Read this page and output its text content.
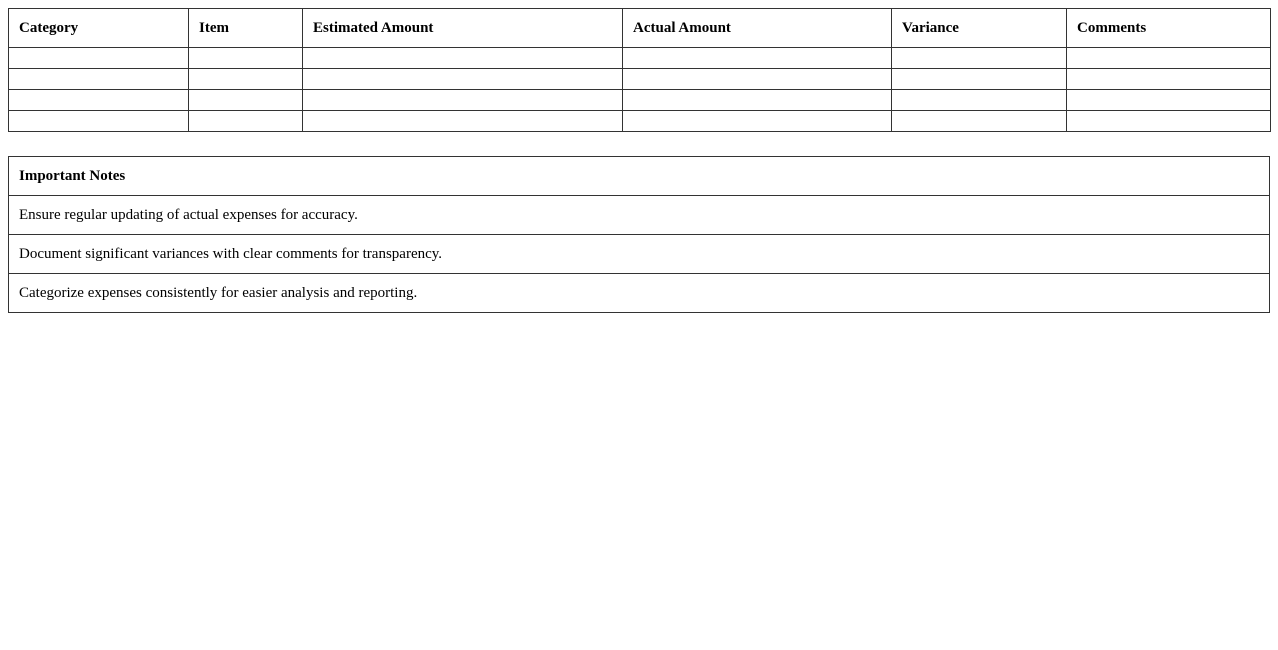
Category	Item	Estimated Amount	Actual Amount	Variance	Comments

Important Notes
Ensure regular updating of actual expenses for accuracy.
Document significant variances with clear comments for transparency.
Categorize expenses consistently for easier analysis and reporting.
